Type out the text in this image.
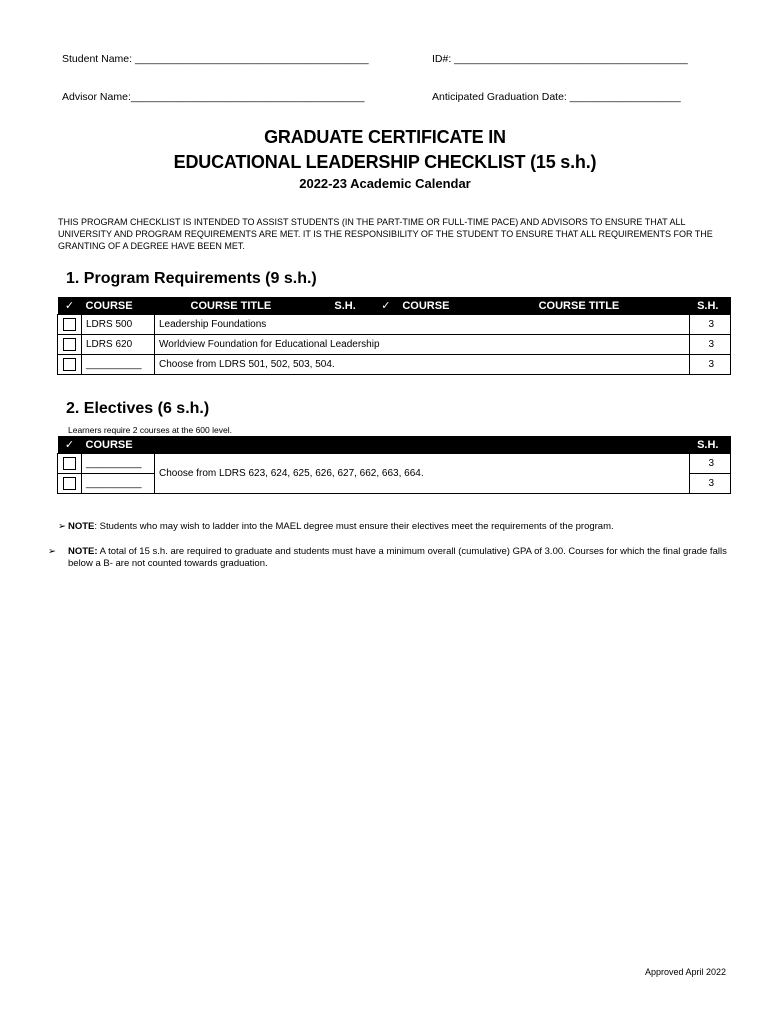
Student Name: ________________________________________	ID#: ________________________________________
Advisor Name:________________________________________	Anticipated Graduation Date: ___________________
GRADUATE CERTIFICATE IN
EDUCATIONAL LEADERSHIP CHECKLIST (15 s.h.)
2022-23 Academic Calendar
THIS PROGRAM CHECKLIST IS INTENDED TO ASSIST STUDENTS (IN THE PART-TIME OR FULL-TIME PACE) AND ADVISORS TO ENSURE THAT ALL UNIVERSITY AND PROGRAM REQUIREMENTS ARE MET. IT IS THE RESPONSIBILITY OF THE STUDENT TO ENSURE THAT ALL REQUIREMENTS FOR THE GRANTING OF A DEGREE HAVE BEEN MET.
1. Program Requirements (9 s.h.)
✓	COURSE	COURSE TITLE	S.H.	✓	COURSE	COURSE TITLE	S.H.
	LDRS 500	Leadership Foundations					3
	LDRS 620	Worldview Foundation for Educational Leadership					3
	__________	Choose from LDRS 501, 502, 503, 504.					3
2. Electives (6 s.h.)
Learners require 2 courses at the 600 level.
✓	COURSE		S.H.
	__________	Choose from LDRS 623, 624, 625, 626, 627, 662, 663, 664.	3
	__________		3
➢ NOTE: Students who may wish to ladder into the MAEL degree must ensure their electives meet the requirements of the program.
➢ NOTE: A total of 15 s.h. are required to graduate and students must have a minimum overall (cumulative) GPA of 3.00. Courses for which the final grade falls below a B- are not counted towards graduation.
Approved April 2022
